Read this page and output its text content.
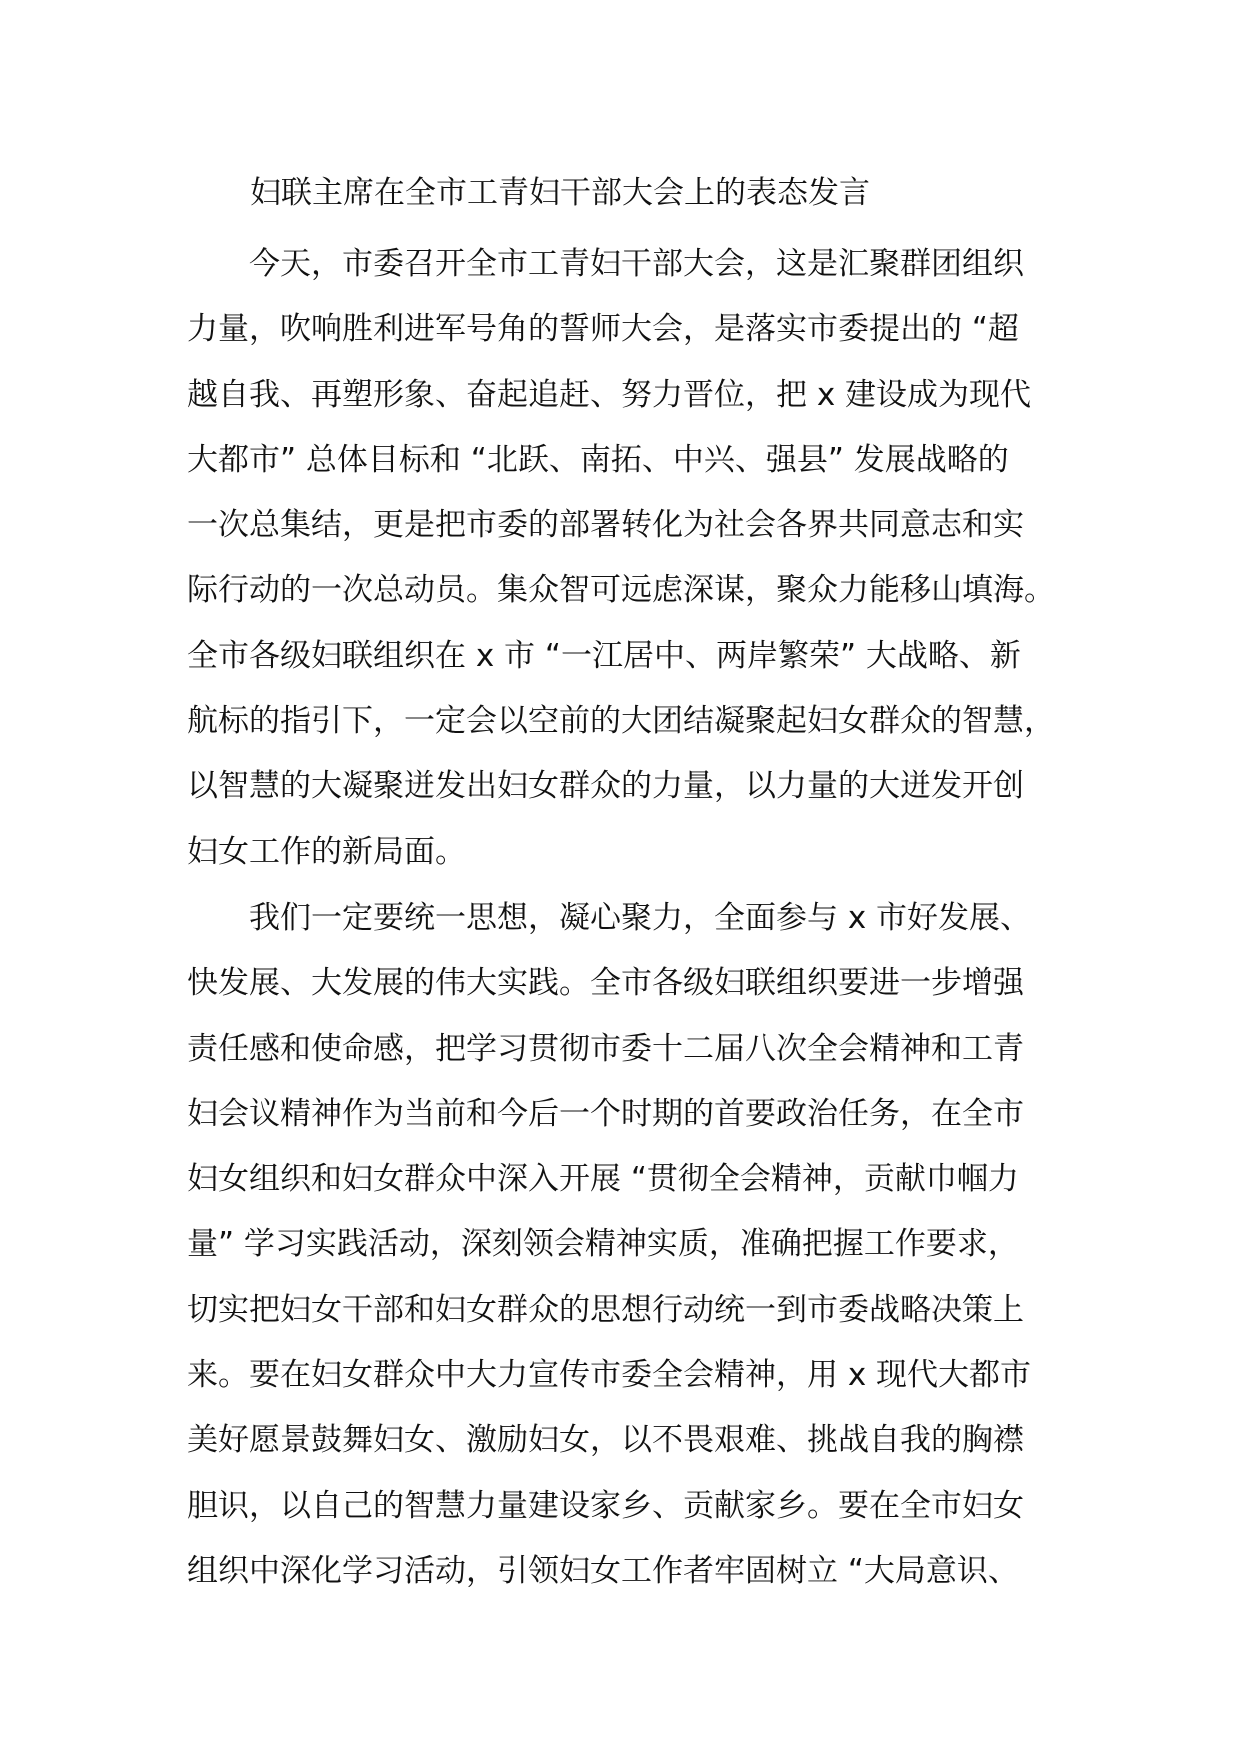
妇联主席在全市工青妇干部大会上的表态发言

今天，市委召开全市工青妇干部大会，这是汇聚群团组织
力量，吹响胜利进军号角的誓师大会，是落实市委提出的 “超
越自我、再塑形象、奋起追赶、努力晋位，把 x 建设成为现代
大都市” 总体目标和 “北跃、南拓、中兴、强县” 发展战略的
一次总集结，更是把市委的部署转化为社会各界共同意志和实
际行动的一次总动员。集众智可远虑深谋，聚众力能移山填海。
全市各级妇联组织在 x 市 “一江居中、两岸繁荣” 大战略、新
航标的指引下，一定会以空前的大团结凝聚起妇女群众的智慧，
以智慧的大凝聚迸发出妇女群众的力量，以力量的大迸发开创
妇女工作的新局面。

我们一定要统一思想，凝心聚力，全面参与 x 市好发展、
快发展、大发展的伟大实践。全市各级妇联组织要进一步增强
责任感和使命感，把学习贯彻市委十二届八次全会精神和工青
妇会议精神作为当前和今后一个时期的首要政治任务，在全市
妇女组织和妇女群众中深入开展 “贯彻全会精神，贡献巾帼力
量” 学习实践活动，深刻领会精神实质，准确把握工作要求，
切实把妇女干部和妇女群众的思想行动统一到市委战略决策上
来。要在妇女群众中大力宣传市委全会精神，用 x 现代大都市
美好愿景鼓舞妇女、激励妇女，以不畏艰难、挑战自我的胸襟
胆识，以自己的智慧力量建设家乡、贡献家乡。要在全市妇女
组织中深化学习活动，引领妇女工作者牢固树立 “大局意识、
